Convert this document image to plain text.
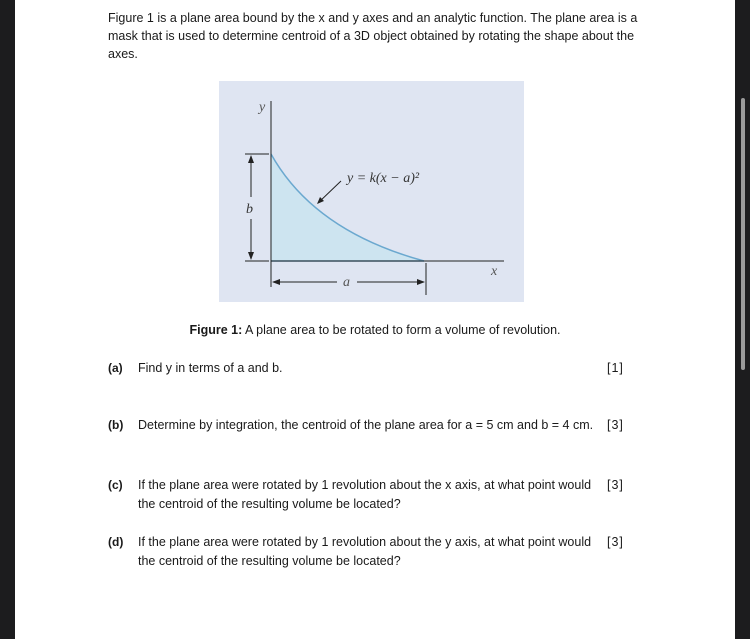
Figure 1 is a plane area bound by the x and y axes and an analytic function. The plane area is a mask that is used to determine centroid of a 3D object obtained by rotating the shape about the axes.

y
x
y = k(x − a)²
b
a
Figure 1: A plane area to be rotated to form a volume of revolution.
(a) Find y in terms of a and b.	[1]
(b) Determine by integration, the centroid of the plane area for a = 5 cm and b = 4 cm.	[3]
(c) If the plane area were rotated by 1 revolution about the x axis, at what point would the centroid of the resulting volume be located?
[3]
(d) If the plane area were rotated by 1 revolution about the y axis, at what point would the centroid of the resulting volume be located?
[3]
